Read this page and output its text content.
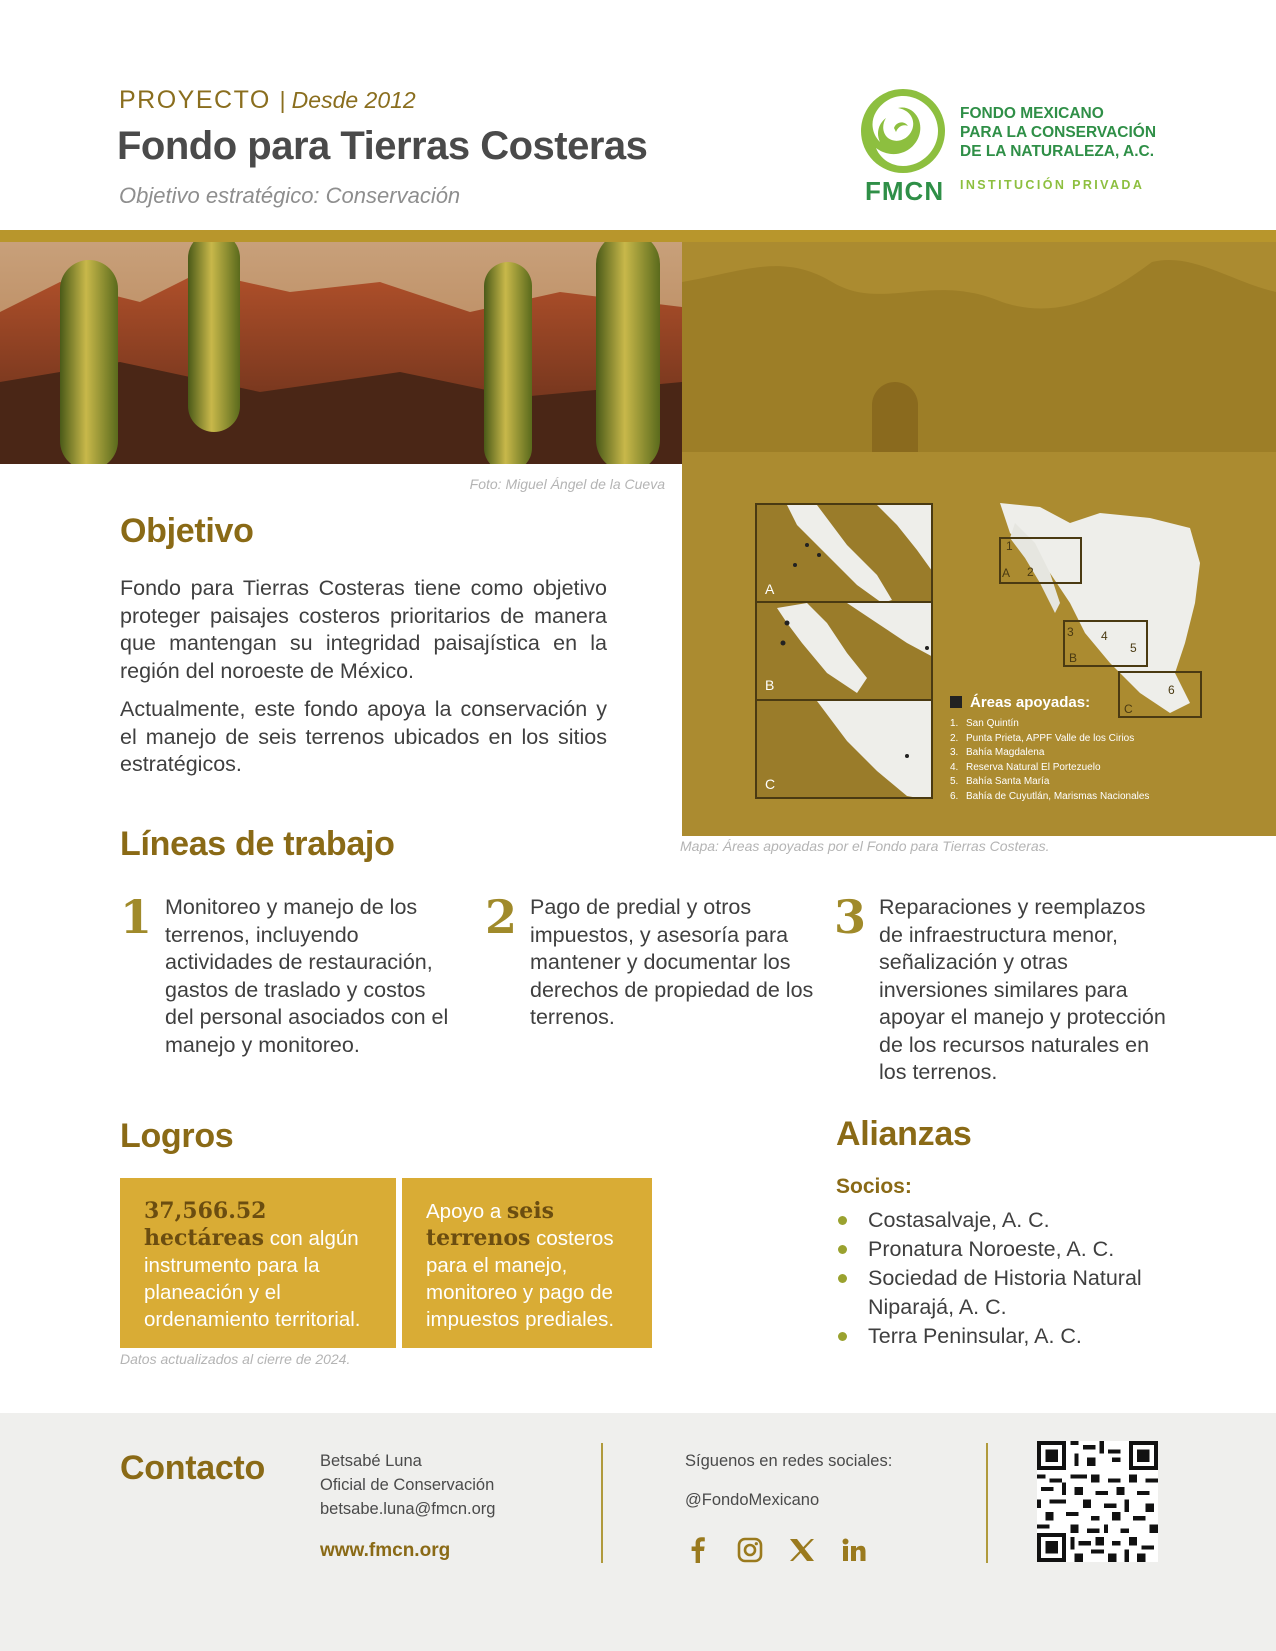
PROYECTO | Desde 2012
Fondo para Tierras Costeras
Objetivo estratégico: Conservación	FMCN
FONDO MEXICANO
PARA LA CONSERVACIÓN
DE LA NATURALEZA, A.C.
INSTITUCIÓN PRIVADA
Foto: Miguel Ángel de la Cueva
A
B
C
1
2
3 4
5
6
A
B
C
Áreas apoyadas:
1. San Quintín
2. Punta Prieta, APPF Valle de los Cirios
3. Bahía Magdalena
4. Reserva Natural El Portezuelo
5. Bahía Santa María
6. Bahía de Cuyutlán, Marismas Nacionales
Mapa: Áreas apoyadas por el Fondo para Tierras Costeras.
Objetivo

Fondo para Tierras Costeras tiene como objetivo proteger paisajes costeros prioritarios de manera que mantengan su integridad paisajística en la región del noroeste de México.

Actualmente, este fondo apoya la conservación y el manejo de seis terrenos ubicados en los sitios estratégicos.

Líneas de trabajo
1 Monitoreo y manejo de los terrenos, incluyendo actividades de restauración, gastos de traslado y costos del personal asociados con el manejo y monitoreo.

2 Pago de predial y otros impuestos, y asesoría para mantener y documentar los derechos de propiedad de los terrenos.

3 Reparaciones y reemplazos de infraestructura menor, señalización y otras inversiones similares para apoyar el manejo y protección de los recursos naturales en los terrenos.

Logros
37,566.52 hectáreas con algún instrumento para la planeación y el ordenamiento territorial.
Apoyo a seis terrenos costeros para el manejo, monitoreo y pago de impuestos prediales.
Datos actualizados al cierre de 2024.
Alianzas
Socios:
Costasalvaje, A. C.
Pronatura Noroeste, A. C.
Sociedad de Historia Natural Niparajá, A. C.
Terra Peninsular, A. C.
Contacto	Betsabé Luna
Oficial de Conservación
betsabe.luna@fmcn.org
www.fmcn.org
Síguenos en redes sociales:
@FondoMexicano
